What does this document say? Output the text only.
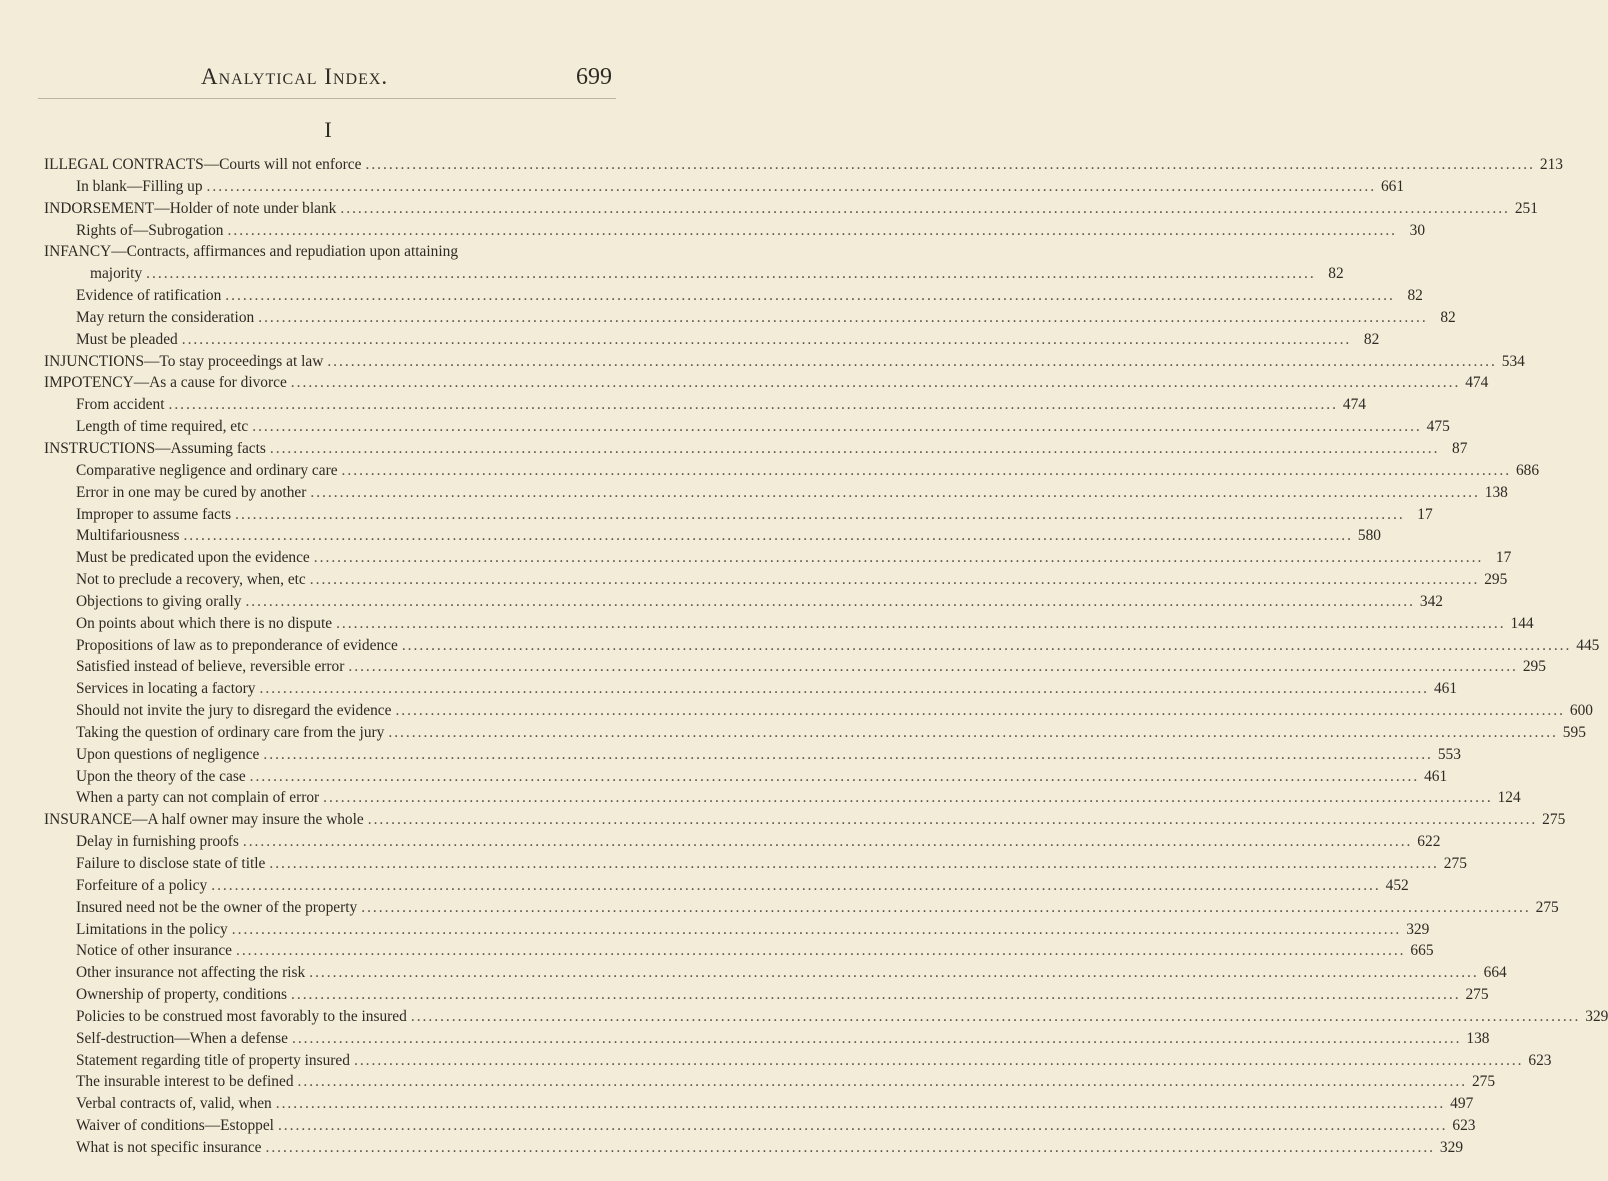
Analytical Index.	699
I
ILLEGAL CONTRACTS—Courts will not enforce ........................................................................................................................................................................................................ 213
In blank—Filling up ........................................................................................................................................................................................................ 661
INDORSEMENT—Holder of note under blank ........................................................................................................................................................................................................ 251
Rights of—Subrogation ........................................................................................................................................................................................................ 30
INFANCY—Contracts, affirmances and repudiation upon attaining
majority ........................................................................................................................................................................................................ 82
Evidence of ratification ........................................................................................................................................................................................................ 82
May return the consideration ........................................................................................................................................................................................................ 82
Must be pleaded ........................................................................................................................................................................................................ 82
INJUNCTIONS—To stay proceedings at law ........................................................................................................................................................................................................ 534
IMPOTENCY—As a cause for divorce ........................................................................................................................................................................................................ 474
From accident ........................................................................................................................................................................................................ 474
Length of time required, etc ........................................................................................................................................................................................................ 475
INSTRUCTIONS—Assuming facts ........................................................................................................................................................................................................ 87
Comparative negligence and ordinary care ........................................................................................................................................................................................................ 686
Error in one may be cured by another ........................................................................................................................................................................................................ 138
Improper to assume facts ........................................................................................................................................................................................................ 17
Multifariousness ........................................................................................................................................................................................................ 580
Must be predicated upon the evidence ........................................................................................................................................................................................................ 17
Not to preclude a recovery, when, etc ........................................................................................................................................................................................................ 295
Objections to giving orally ........................................................................................................................................................................................................ 342
On points about which there is no dispute ........................................................................................................................................................................................................ 144
Propositions of law as to preponderance of evidence ........................................................................................................................................................................................................ 445
Satisfied instead of believe, reversible error ........................................................................................................................................................................................................ 295
Services in locating a factory ........................................................................................................................................................................................................ 461
Should not invite the jury to disregard the evidence ........................................................................................................................................................................................................ 600
Taking the question of ordinary care from the jury ........................................................................................................................................................................................................ 595
Upon questions of negligence ........................................................................................................................................................................................................ 553
Upon the theory of the case ........................................................................................................................................................................................................ 461
When a party can not complain of error ........................................................................................................................................................................................................ 124
INSURANCE—A half owner may insure the whole ........................................................................................................................................................................................................ 275
Delay in furnishing proofs ........................................................................................................................................................................................................ 622
Failure to disclose state of title ........................................................................................................................................................................................................ 275
Forfeiture of a policy ........................................................................................................................................................................................................ 452
Insured need not be the owner of the property ........................................................................................................................................................................................................ 275
Limitations in the policy ........................................................................................................................................................................................................ 329
Notice of other insurance ........................................................................................................................................................................................................ 665
Other insurance not affecting the risk ........................................................................................................................................................................................................ 664
Ownership of property, conditions ........................................................................................................................................................................................................ 275
Policies to be construed most favorably to the insured ........................................................................................................................................................................................................ 329
Self-destruction—When a defense ........................................................................................................................................................................................................ 138
Statement regarding title of property insured ........................................................................................................................................................................................................ 623
The insurable interest to be defined ........................................................................................................................................................................................................ 275
Verbal contracts of, valid, when ........................................................................................................................................................................................................ 497
Waiver of conditions—Estoppel ........................................................................................................................................................................................................ 623
What is not specific insurance ........................................................................................................................................................................................................ 329
